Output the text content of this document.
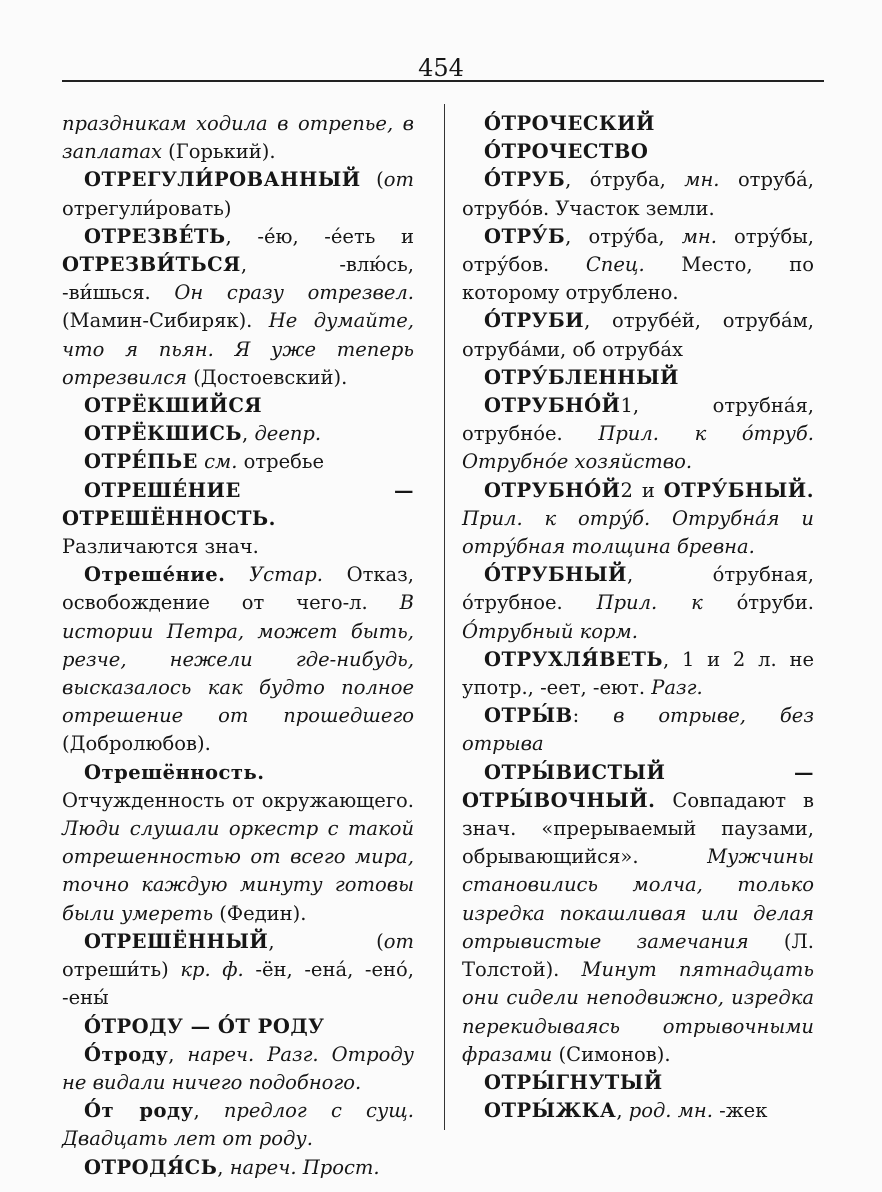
454

праздникам ходила в отрепье, в заплатах (Горький).

ОТРЕГУЛИ́РОВАННЫЙ (от отрегули́ровать)

ОТРЕЗВЕ́ТЬ, -е́ю, -е́еть и ОТРЕЗВИ́ТЬСЯ, -влю́сь, -ви́шься. Он сразу отрезвел. (Мамин-Сибиряк). Не думайте, что я пьян. Я уже теперь отрезвился (Достоевский).

ОТРЁКШИЙСЯ

ОТРЁКШИСЬ, деепр.

ОТРЕ́ПЬЕ см. отребье

ОТРЕШЕ́НИЕ — ОТРЕШЁННОСТЬ. Различаются знач.

Отреше́ние. Устар. Отказ, освобождение от чего-л. В истории Петра, может быть, резче, нежели где-нибудь, высказалось как будто полное отрешение от прошедшего (Добролюбов).

Отрешённость. Отчужденность от окружающего. Люди слушали оркестр с такой отрешенностью от всего мира, точно каждую минуту готовы были умереть (Федин).

ОТРЕШЁННЫЙ, (от отреши́ть) кр. ф. -ён, -ена́, -ено́, -ены́

О́ТРОДУ — О́Т РОДУ

О́троду, нареч. Разг. Отроду не видали ничего подобного.

О́т роду, предлог с сущ. Двадцать лет от роду.

ОТРОДЯ́СЬ, нареч. Прост.

О́ТРОЧЕСКИЙ

О́ТРОЧЕСТВО

О́ТРУБ, о́труба, мн. отруба́, отрубо́в. Участок земли.

ОТРУ́Б, отру́ба, мн. отру́бы, отру́бов. Спец. Место, по которому отрублено.

О́ТРУБИ, отрубе́й, отруба́м, отруба́ми, об отруба́х

ОТРУ́БЛЕННЫЙ

ОТРУБНО́Й1, отрубна́я, отрубно́е. Прил. к о́труб. Отрубно́е хозяйство.

ОТРУБНО́Й2 и ОТРУ́БНЫЙ. Прил. к отру́б. Отрубна́я и отру́бная толщина бревна.

О́ТРУБНЫЙ, о́трубная, о́трубное. Прил. к о́труби. О́трубный корм.

ОТРУХЛЯ́ВЕТЬ, 1 и 2 л. не употр., -еет, -еют. Разг.

ОТРЫ́В: в отрыве, без отрыва

ОТРЫ́ВИСТЫЙ — ОТРЫ́ВОЧНЫЙ. Совпадают в знач. «прерываемый паузами, обрывающийся». Мужчины становились молча, только изредка покашливая или делая отрывистые замечания (Л. Толстой). Минут пятнадцать они сидели неподвижно, изредка перекидываясь отрывочными фразами (Симонов).

ОТРЫ́ГНУТЫЙ

ОТРЫ́ЖКА, род. мн. -жек
